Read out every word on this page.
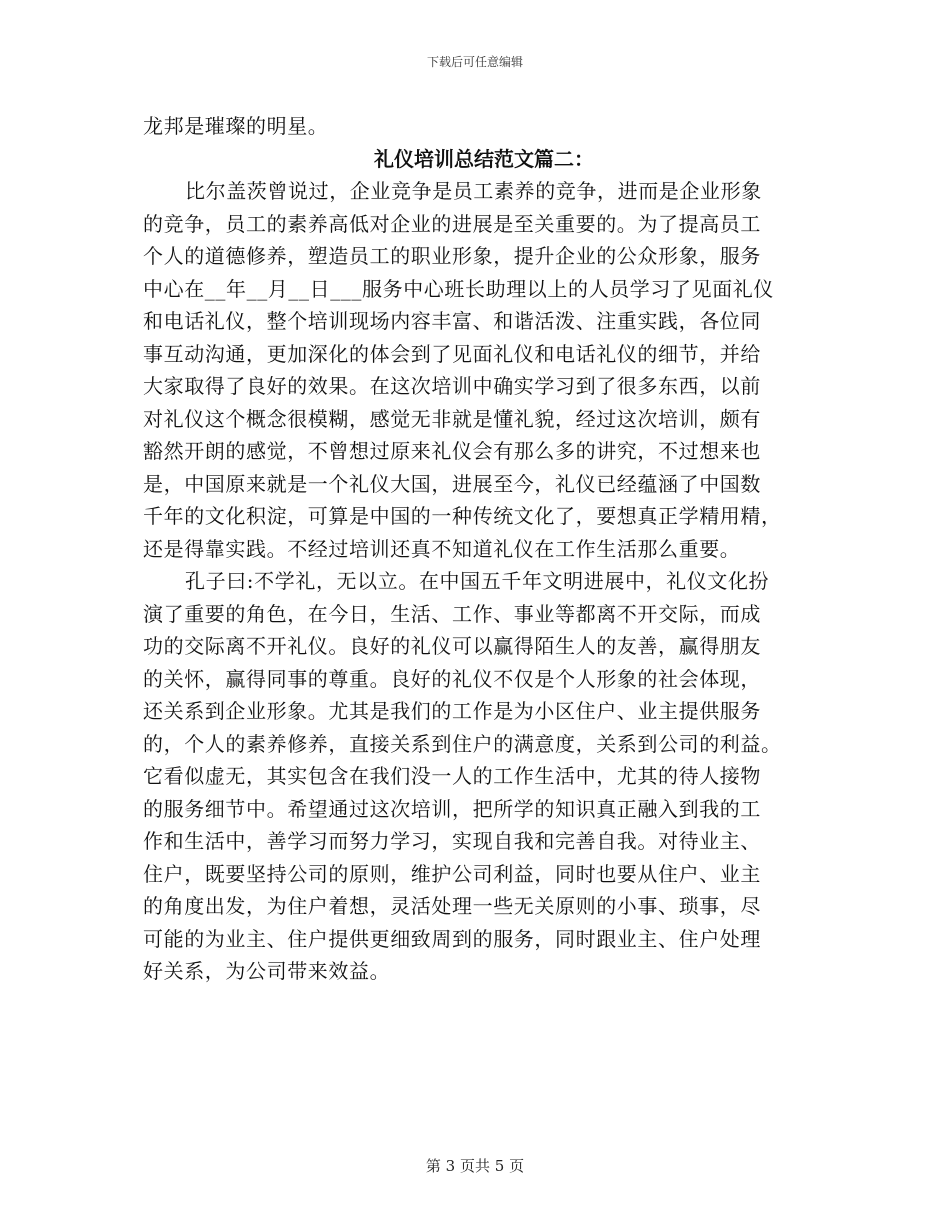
下载后可任意编辑
龙邦是璀璨的明星。
礼仪培训总结范文篇二：
比尔盖茨曾说过，企业竞争是员工素养的竞争，进而是企业形象
的竞争，员工的素养高低对企业的进展是至关重要的。为了提高员工
个人的道德修养，塑造员工的职业形象，提升企业的公众形象，服务
中心在__年__月__日___服务中心班长助理以上的人员学习了见面礼仪
和电话礼仪，整个培训现场内容丰富、和谐活泼、注重实践，各位同
事互动沟通，更加深化的体会到了见面礼仪和电话礼仪的细节，并给
大家取得了良好的效果。在这次培训中确实学习到了很多东西，以前
对礼仪这个概念很模糊，感觉无非就是懂礼貌，经过这次培训，颇有
豁然开朗的感觉，不曾想过原来礼仪会有那么多的讲究，不过想来也
是，中国原来就是一个礼仪大国，进展至今，礼仪已经蕴涵了中国数
千年的文化积淀，可算是中国的一种传统文化了，要想真正学精用精，
还是得靠实践。不经过培训还真不知道礼仪在工作生活那么重要。
孔子曰:不学礼，无以立。在中国五千年文明进展中，礼仪文化扮
演了重要的角色，在今日，生活、工作、事业等都离不开交际，而成
功的交际离不开礼仪。良好的礼仪可以赢得陌生人的友善，赢得朋友
的关怀，赢得同事的尊重。良好的礼仪不仅是个人形象的社会体现，
还关系到企业形象。尤其是我们的工作是为小区住户、业主提供服务
的，个人的素养修养，直接关系到住户的满意度，关系到公司的利益。
它看似虚无，其实包含在我们没一人的工作生活中，尤其的待人接物
的服务细节中。希望通过这次培训，把所学的知识真正融入到我的工
作和生活中，善学习而努力学习，实现自我和完善自我。对待业主、
住户，既要坚持公司的原则，维护公司利益，同时也要从住户、业主
的角度出发，为住户着想，灵活处理一些无关原则的小事、琐事，尽
可能的为业主、住户提供更细致周到的服务，同时跟业主、住户处理
好关系，为公司带来效益。
第 3 页共 5 页
